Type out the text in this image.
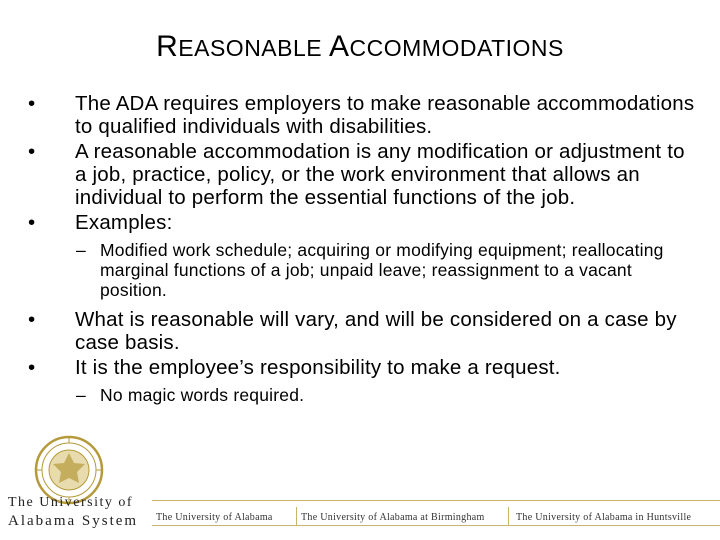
REASONABLE ACCOMMODATIONS
•	The ADA requires employers to make reasonable accommodations to qualified individuals with disabilities.
•	A reasonable accommodation is any modification or adjustment to a job, practice, policy, or the work environment that allows an individual to perform the essential functions of the job.
•	Examples:
– Modified work schedule; acquiring or modifying equipment; reallocating marginal functions of a job; unpaid leave; reassignment to a vacant position.
•	What is reasonable will vary, and will be considered on a case by case basis.
•	It is the employee’s responsibility to make a request.
– No magic words required.
The University of
Alabama System	The University of Alabama	The University of Alabama at Birmingham	The University of Alabama in Huntsville
